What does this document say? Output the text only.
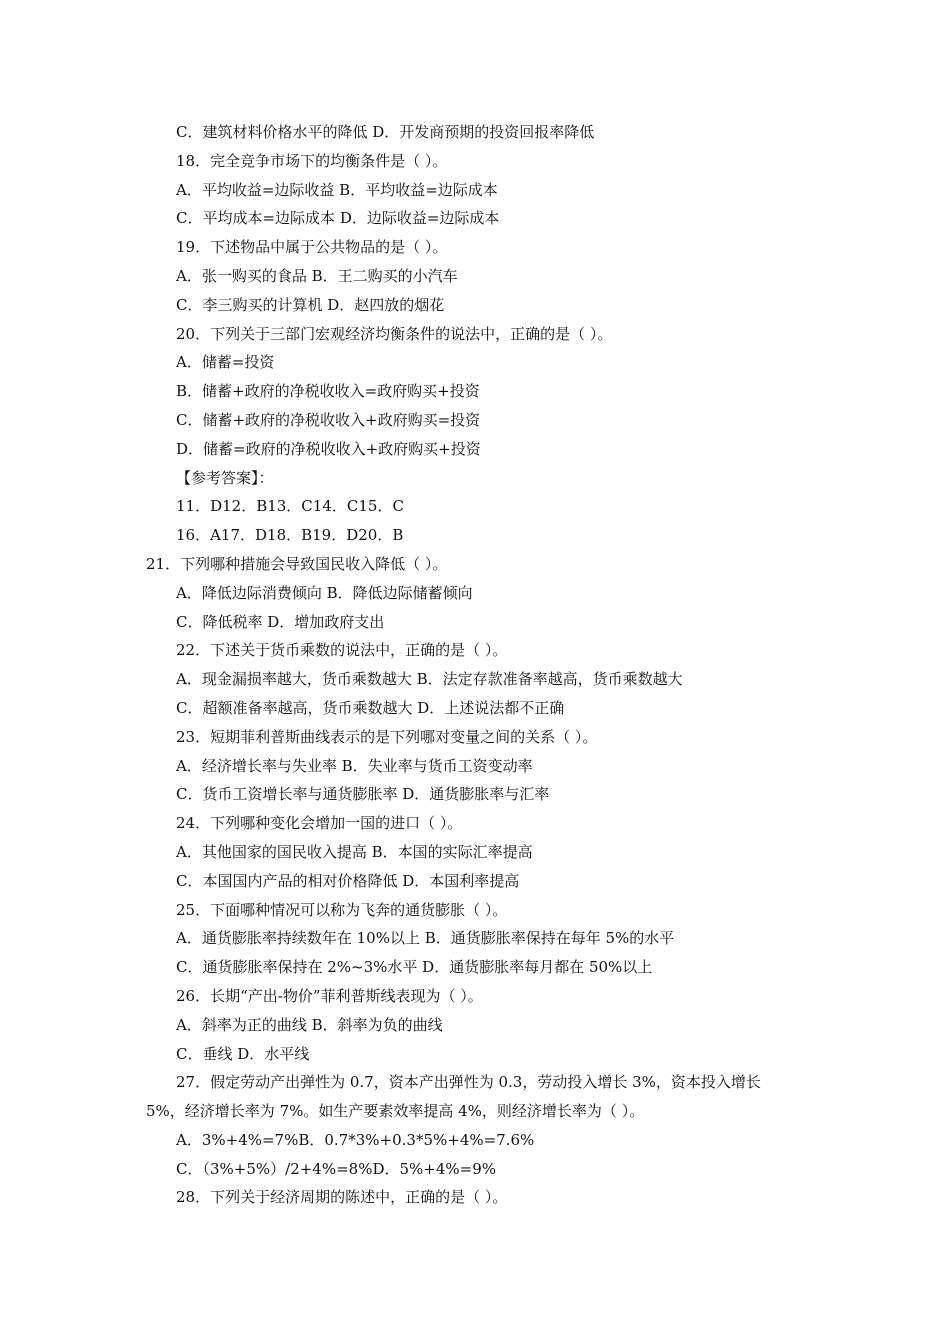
C．建筑材料价格水平的降低 D．开发商预期的投资回报率降低
18．完全竞争市场下的均衡条件是（ ）。
A．平均收益=边际收益 B．平均收益=边际成本
C．平均成本=边际成本 D．边际收益=边际成本
19．下述物品中属于公共物品的是（ ）。
A．张一购买的食品 B．王二购买的小汽车
C．李三购买的计算机 D．赵四放的烟花
20．下列关于三部门宏观经济均衡条件的说法中，正确的是（ ）。
A．储蓄=投资
B．储蓄+政府的净税收收入=政府购买+投资
C．储蓄+政府的净税收收入+政府购买=投资
D．储蓄=政府的净税收收入+政府购买+投资
【参考答案】：
11．D12．B13．C14．C15．C
16．A17．D18．B19．D20．B
21．下列哪种措施会导致国民收入降低（ ）。
A．降低边际消费倾向 B．降低边际储蓄倾向
C．降低税率 D．增加政府支出
22．下述关于货币乘数的说法中，正确的是（ ）。
A．现金漏损率越大，货币乘数越大 B．法定存款准备率越高，货币乘数越大
C．超额准备率越高，货币乘数越大 D．上述说法都不正确
23．短期菲利普斯曲线表示的是下列哪对变量之间的关系（ ）。
A．经济增长率与失业率 B．失业率与货币工资变动率
C．货币工资增长率与通货膨胀率 D．通货膨胀率与汇率
24．下列哪种变化会增加一国的进口（ ）。
A．其他国家的国民收入提高 B．本国的实际汇率提高
C．本国国内产品的相对价格降低 D．本国利率提高
25．下面哪种情况可以称为飞奔的通货膨胀（ ）。
A．通货膨胀率持续数年在 10%以上 B．通货膨胀率保持在每年 5%的水平
C．通货膨胀率保持在 2%~3%水平 D．通货膨胀率每月都在 50%以上
26．长期“产出-物价”菲利普斯线表现为（ ）。
A．斜率为正的曲线 B．斜率为负的曲线
C．垂线 D．水平线
27．假定劳动产出弹性为 0.7，资本产出弹性为 0.3，劳动投入增长 3%，资本投入增长
5%，经济增长率为 7%。如生产要素效率提高 4%，则经济增长率为（ ）。
A．3%+4%=7%B．0.7*3%+0.3*5%+4%=7.6%
C．（3%+5%）/2+4%=8%D．5%+4%=9%
28．下列关于经济周期的陈述中，正确的是（ ）。
